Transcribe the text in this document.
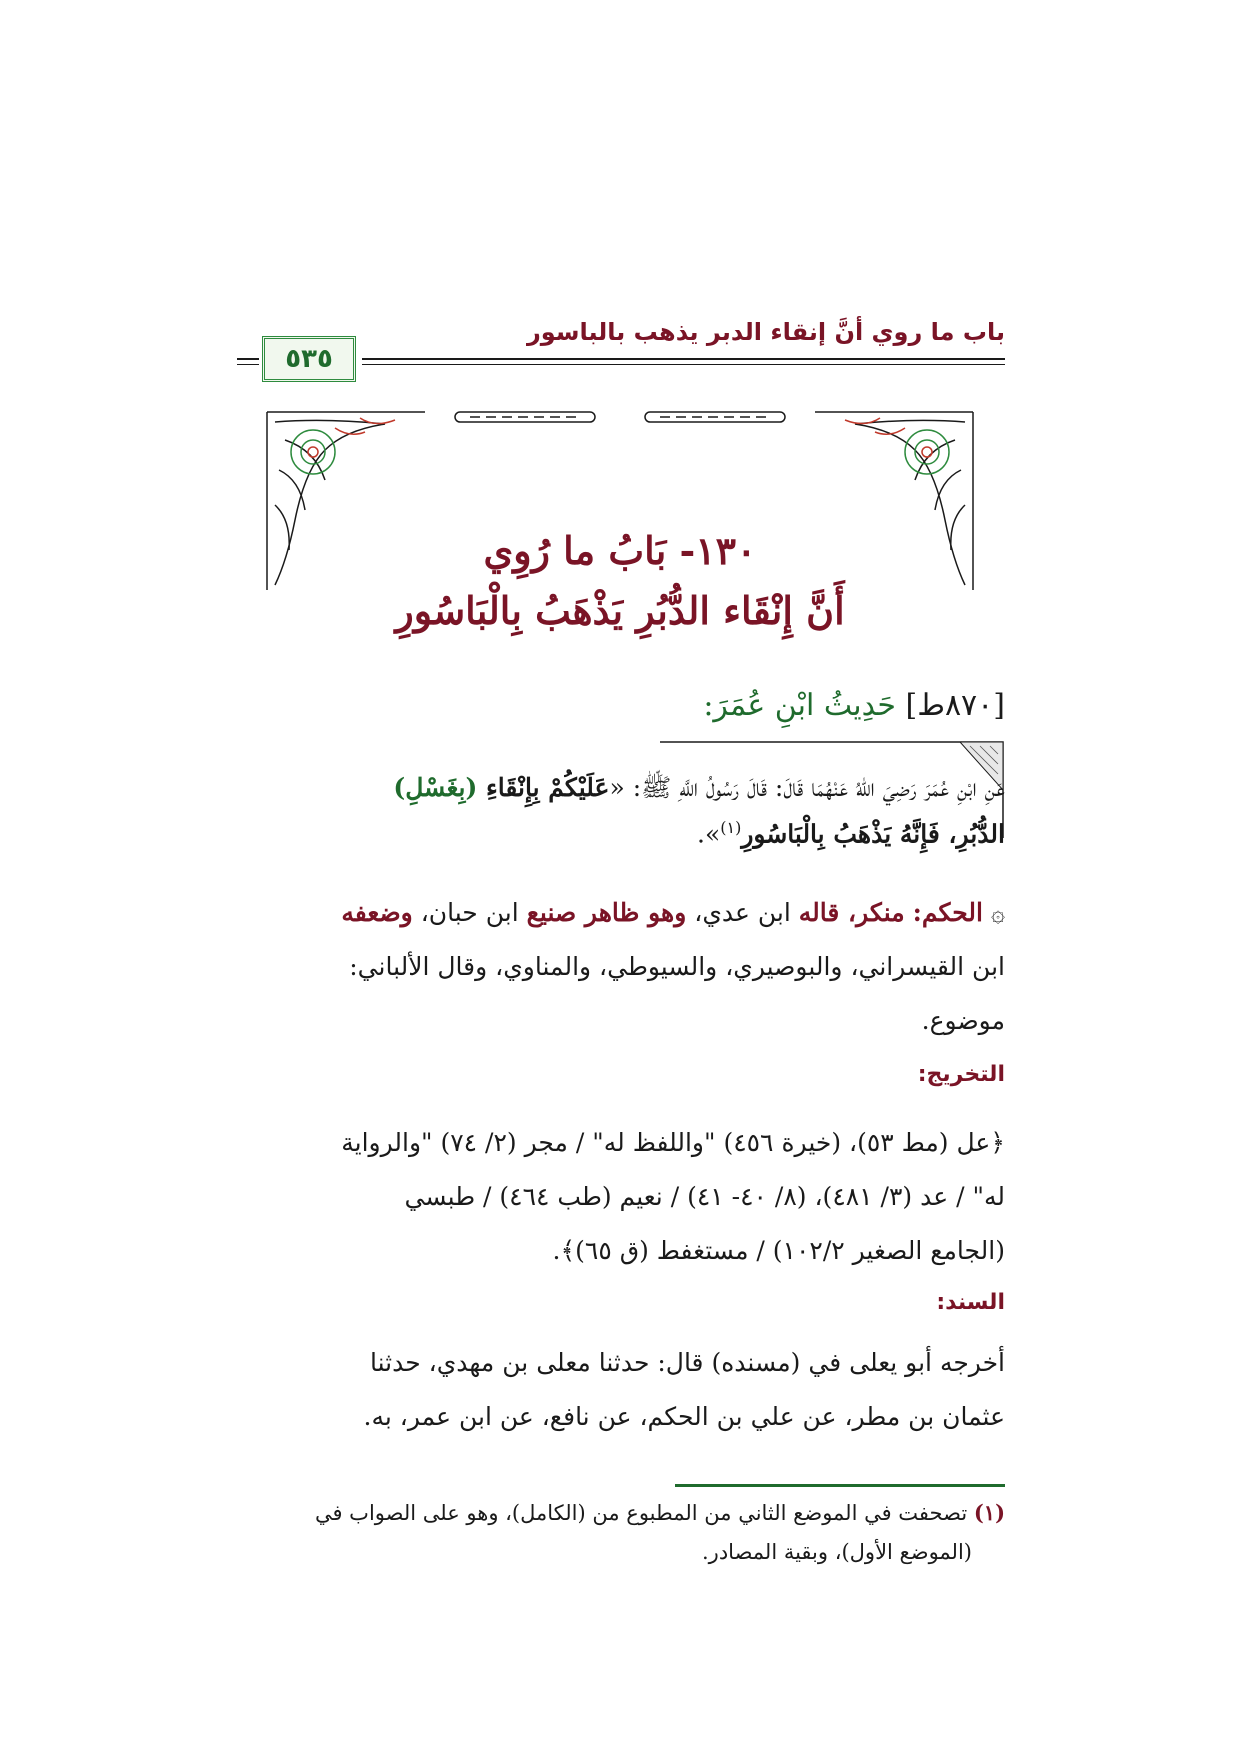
باب ما روي أنَّ إنقاء الدبر يذهب بالباسور
٥٣٥
١٣٠- بَابُ ما رُوِي
أَنَّ إِنْقَاء الدُّبُرِ يَذْهَبُ بِالْبَاسُورِ
[٨٧٠ط] حَدِيثُ ابْنِ عُمَرَ:
عَنِ ابْنِ عُمَرَ رَضِيَ اللهُ عَنْهُمَا قَالَ: قَالَ رَسُولُ اللَّهِ ﷺ: «عَلَيْكُمْ بِإِنْقَاءِ (بِغَسْلِ)
الدُّبُرِ، فَإِنَّهُ يَذْهَبُ بِالْبَاسُورِ$^{(١)}$».
۞ الحكم: منكر، قاله ابن عدي، وهو ظاهر صنيع ابن حبان، وضعفه
ابن القيسراني، والبوصيري، والسيوطي، والمناوي، وقال الألباني:
موضوع.
التخريج:
﴿عل (مط ٥٣)، (خيرة ٤٥٦) "واللفظ له" / مجر (٢/ ٧٤) "والرواية
له" / عد (٣/ ٤٨١)، (٨/ ٤٠- ٤١) / نعيم (طب ٤٦٤) / طبسي
(الجامع الصغير ١٠٢/٢) / مستغفط (ق ٦٥)﴾.
السند:
أخرجه أبو يعلى في (مسنده) قال: حدثنا معلى بن مهدي، حدثنا
عثمان بن مطر، عن علي بن الحكم، عن نافع، عن ابن عمر، به.
(١) تصحفت في الموضع الثاني من المطبوع من (الكامل)، وهو على الصواب في
(الموضع الأول)، وبقية المصادر.
